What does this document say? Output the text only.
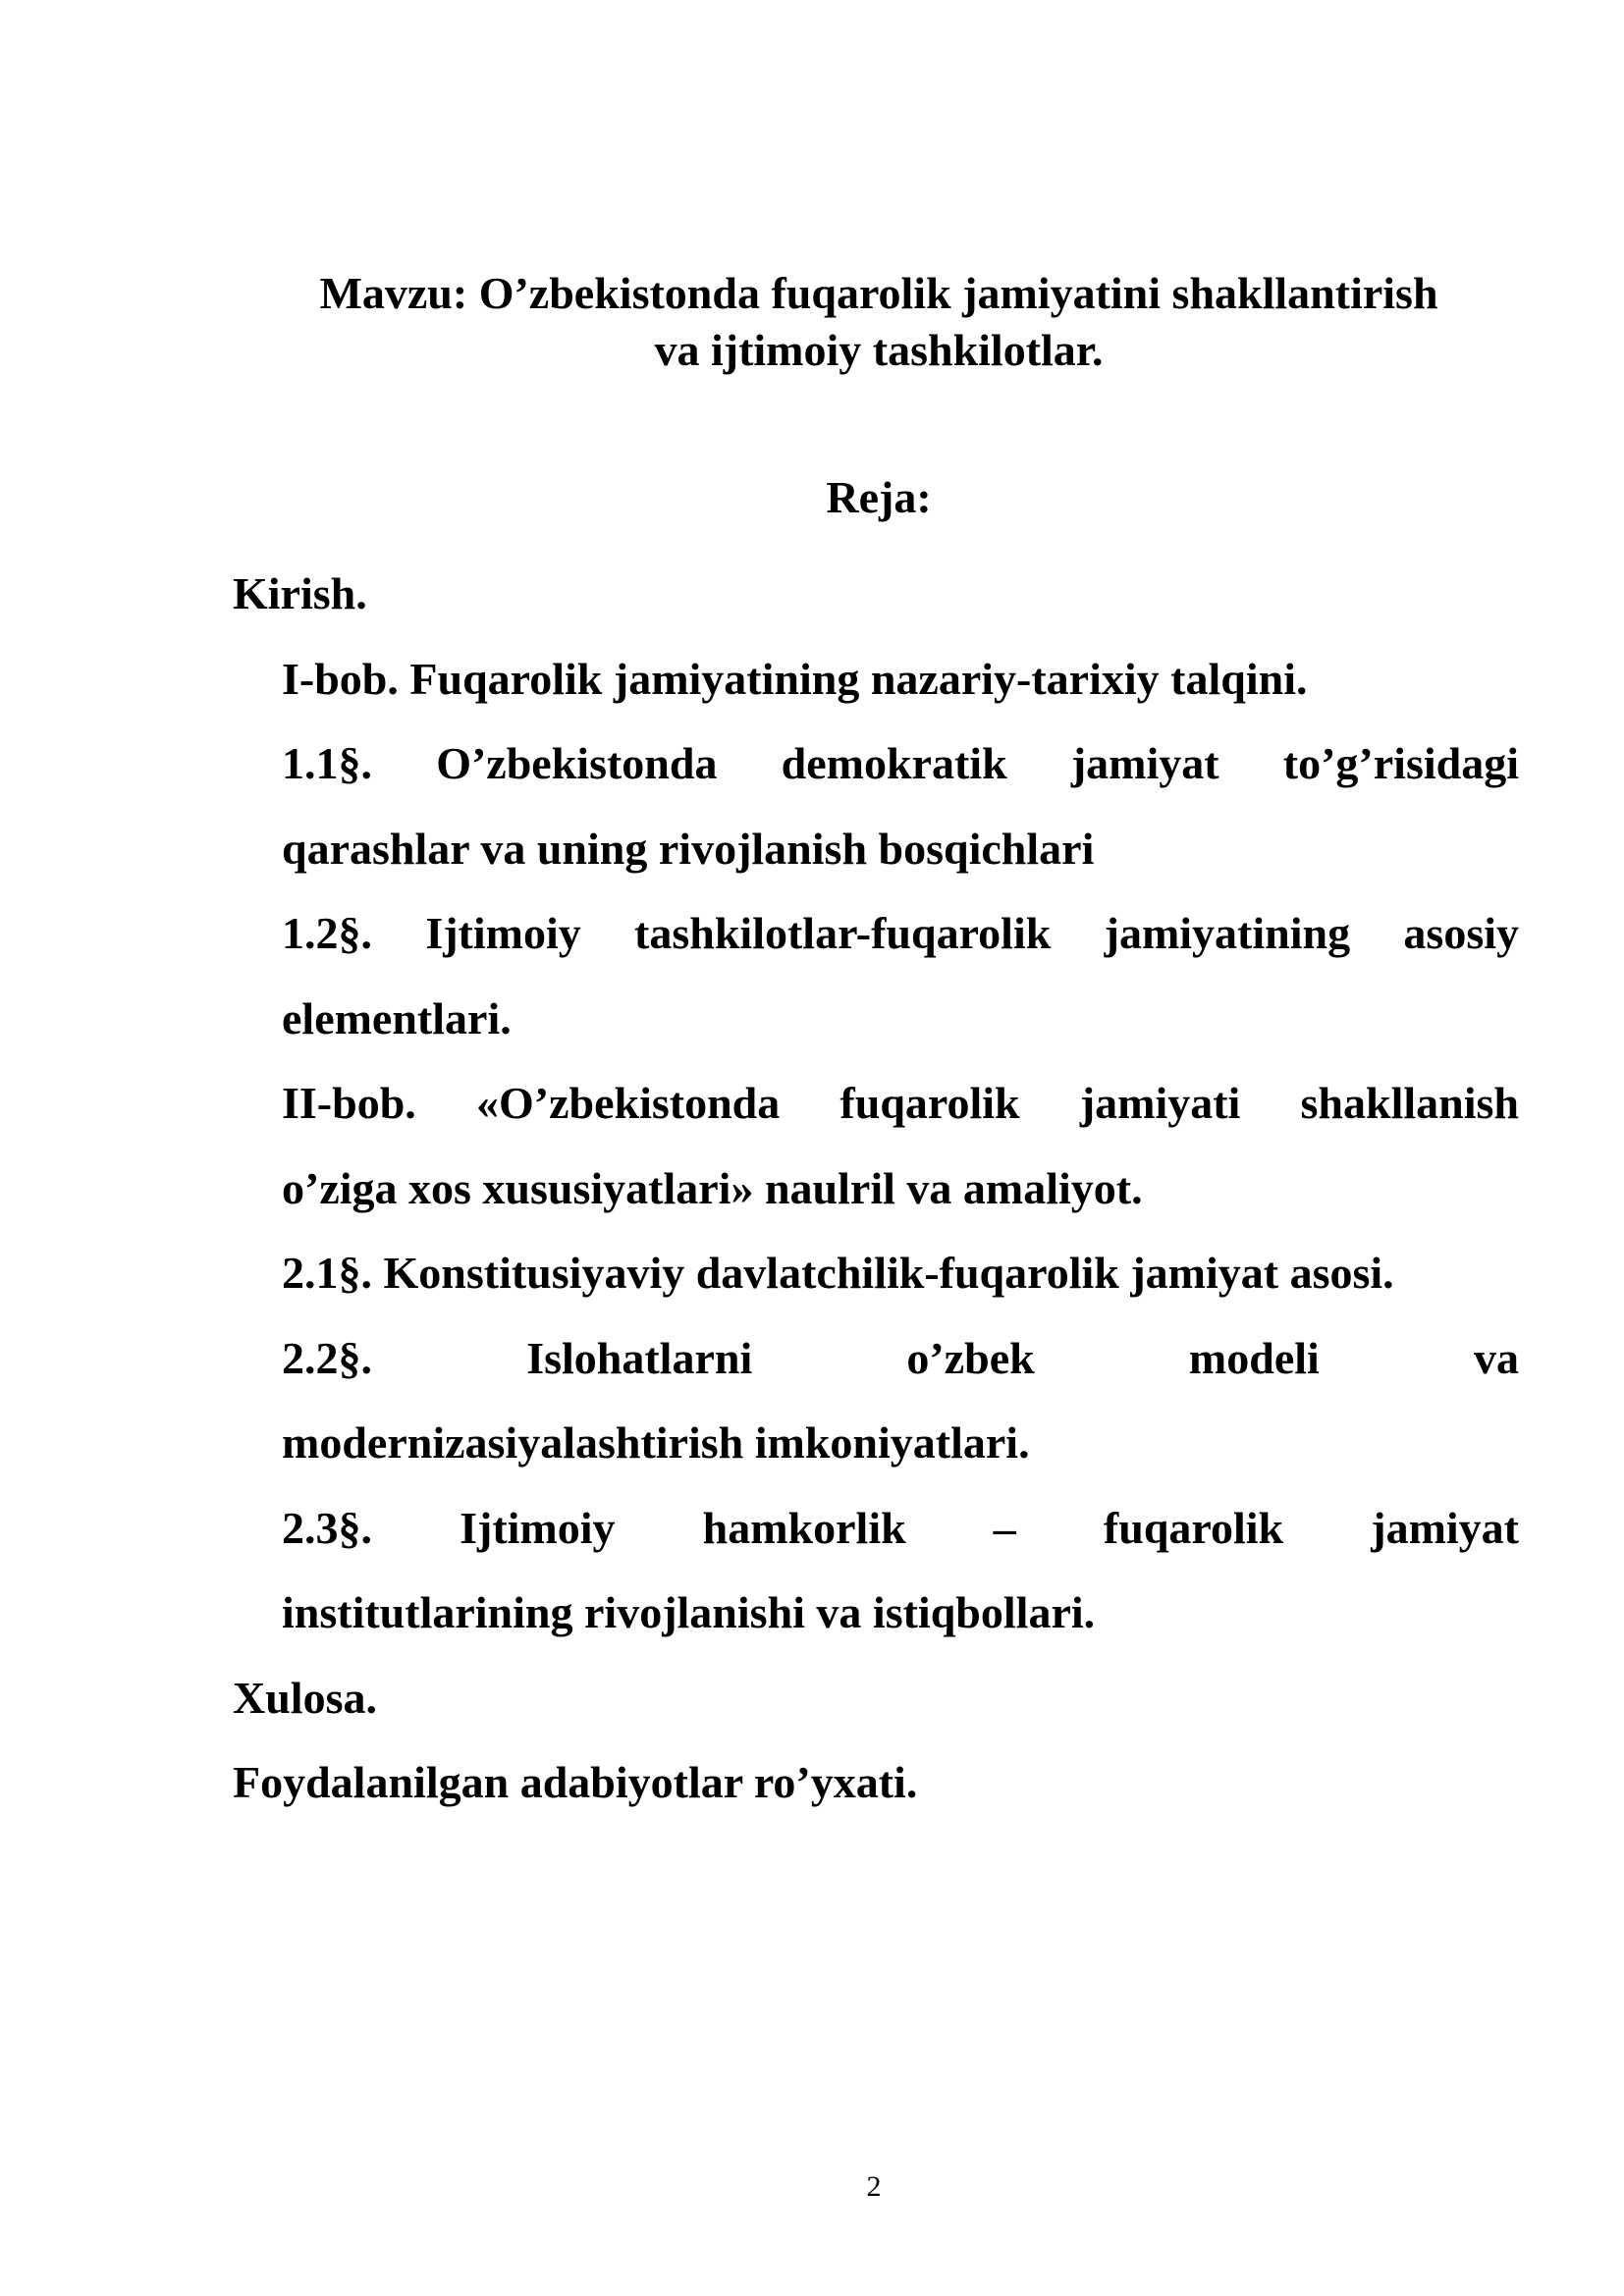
Mavzu: O’zbekistonda fuqarolik jamiyatini shakllantirish
va ijtimoiy tashkilotlar.
Reja:

Kirish.

I-bob. Fuqarolik jamiyatining nazariy-tarixiy talqini.

1.1§. O’zbekistonda demokratik jamiyat to’g’risidagi

qarashlar va uning rivojlanish bosqichlari

1.2§. Ijtimoiy tashkilotlar-fuqarolik jamiyatining asosiy

elementlari.

II-bob. «O’zbekistonda fuqarolik jamiyati shakllanish

o’ziga xos xususiyatlari» naulril va amaliyot.

2.1§. Konstitusiyaviy davlatchilik-fuqarolik jamiyat asosi.

2.2§. Islohatlarni o’zbek modeli va

modernizasiyalashtirish imkoniyatlari.

2.3§. Ijtimoiy hamkorlik – fuqarolik jamiyat

institutlarining rivojlanishi va istiqbollari.

Xulosa.

Foydalanilgan adabiyotlar ro’yxati.

2
